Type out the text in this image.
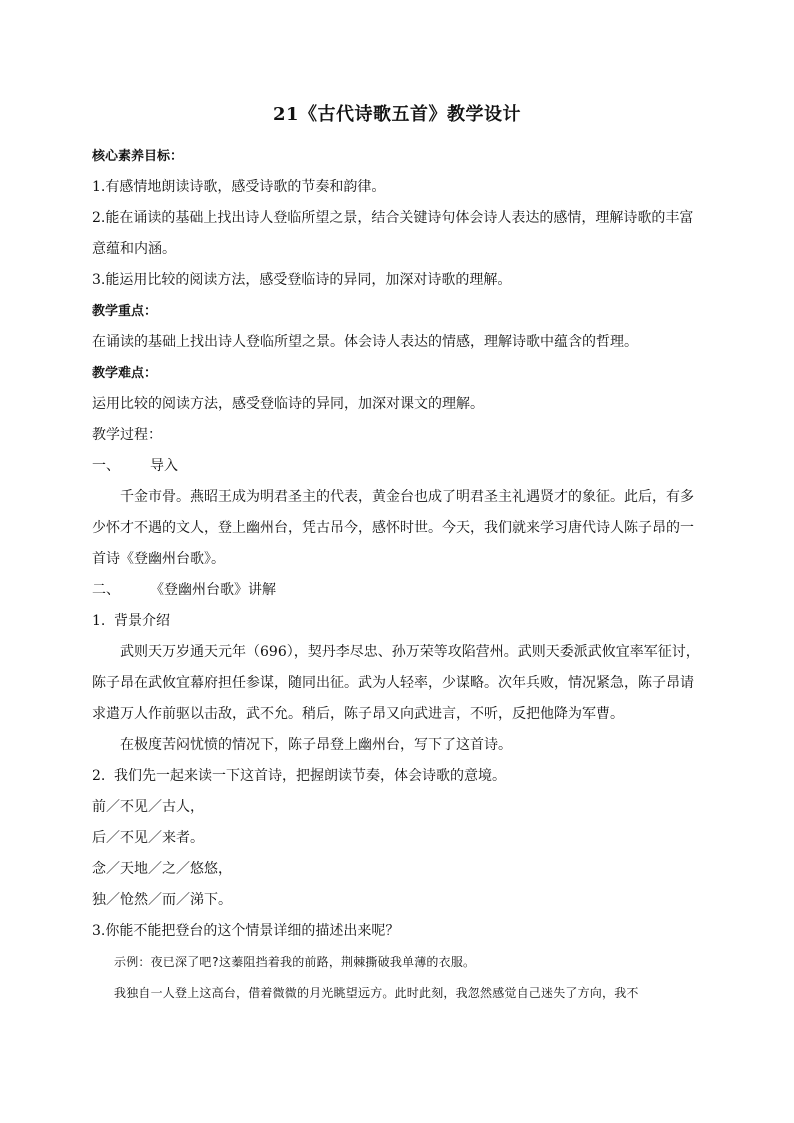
21《古代诗歌五首》教学设计

核心素养目标：

1.有感情地朗读诗歌，感受诗歌的节奏和韵律。

2.能在诵读的基础上找出诗人登临所望之景，结合关键诗句体会诗人表达的感情，理解诗歌的丰富

意蕴和内涵。

3.能运用比较的阅读方法，感受登临诗的异同，加深对诗歌的理解。

教学重点：

在诵读的基础上找出诗人登临所望之景。体会诗人表达的情感，理解诗歌中蕴含的哲理。

教学难点：

运用比较的阅读方法，感受登临诗的异同，加深对课文的理解。

教学过程：

一、 导入

千金市骨。燕昭王成为明君圣主的代表，黄金台也成了明君圣主礼遇贤才的象征。此后，有多

少怀才不遇的文人，登上幽州台，凭古吊今，感怀时世。今天，我们就来学习唐代诗人陈子昂的一

首诗《登幽州台歌》。

二、 《登幽州台歌》讲解

1. 背景介绍

武则天万岁通天元年（696），契丹李尽忠、孙万荣等攻陷营州。武则天委派武攸宜率军征讨，

陈子昂在武攸宜幕府担任参谋，随同出征。武为人轻率，少谋略。次年兵败，情况紧急，陈子昂请

求遣万人作前驱以击敌，武不允。稍后，陈子昂又向武进言，不听，反把他降为军曹。

在极度苦闷忧愤的情况下，陈子昂登上幽州台，写下了这首诗。

2. 我们先一起来读一下这首诗，把握朗读节奏，体会诗歌的意境。

前／不见／古人，

后／不见／来者。

念／天地／之／悠悠，

独／怆然／而／涕下。

3.你能不能把登台的这个情景详细的描述出来呢？

示例：夜已深了吧?这蓁阻挡着我的前路，荆棘撕破我单薄的衣服。

我独自一人登上这高台，借着微微的月光眺望远方。此时此刻，我忽然感觉自己迷失了方向，我不
